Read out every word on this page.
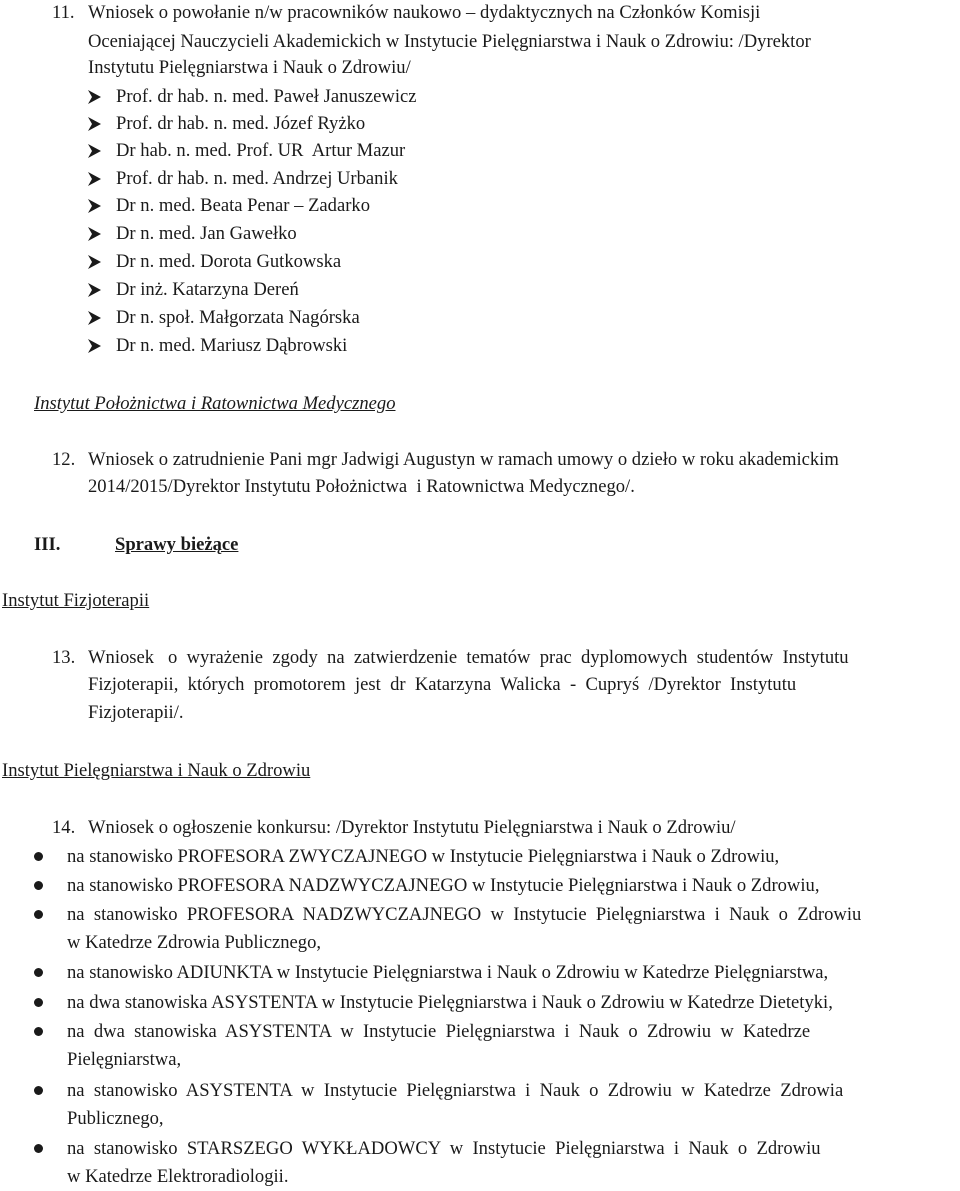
11. Wniosek o powołanie n/w pracowników naukowo – dydaktycznych na Członków Komisji
Oceniającej Nauczycieli Akademickich w Instytucie Pielęgniarstwa i Nauk o Zdrowiu: /Dyrektor
Instytutu Pielęgniarstwa i Nauk o Zdrowiu/
Prof. dr hab. n. med. Paweł Januszewicz
Prof. dr hab. n. med. Józef Ryżko
Dr hab. n. med. Prof. UR  Artur Mazur
Prof. dr hab. n. med. Andrzej Urbanik
Dr n. med. Beata Penar – Zadarko
Dr n. med. Jan Gawełko
Dr n. med. Dorota Gutkowska
Dr inż. Katarzyna Dereń
Dr n. społ. Małgorzata Nagórska
Dr n. med. Mariusz Dąbrowski
Instytut Położnictwa i Ratownictwa Medycznego
12. Wniosek o zatrudnienie Pani mgr Jadwigi Augustyn w ramach umowy o dzieło w roku akademickim
2014/2015/Dyrektor Instytutu Położnictwa  i Ratownictwa Medycznego/.
III.	Sprawy bieżące
Instytut Fizjoterapii
13. Wniosek   o  wyrażenie  zgody  na  zatwierdzenie  tematów  prac  dyplomowych  studentów  Instytutu
Fizjoterapii,  których  promotorem  jest  dr  Katarzyna  Walicka  -  Cupryś  /Dyrektor  Instytutu
Fizjoterapii/.
Instytut Pielęgniarstwa i Nauk o Zdrowiu
14. Wniosek o ogłoszenie konkursu: /Dyrektor Instytutu Pielęgniarstwa i Nauk o Zdrowiu/
na stanowisko PROFESORA ZWYCZAJNEGO w Instytucie Pielęgniarstwa i Nauk o Zdrowiu,
na stanowisko PROFESORA NADZWYCZAJNEGO w Instytucie Pielęgniarstwa i Nauk o Zdrowiu,
na  stanowisko  PROFESORA  NADZWYCZAJNEGO  w  Instytucie  Pielęgniarstwa  i  Nauk  o  Zdrowiu
w Katedrze Zdrowia Publicznego,
na stanowisko ADIUNKTA w Instytucie Pielęgniarstwa i Nauk o Zdrowiu w Katedrze Pielęgniarstwa,
na dwa stanowiska ASYSTENTA w Instytucie Pielęgniarstwa i Nauk o Zdrowiu w Katedrze Dietetyki,
na  dwa  stanowiska  ASYSTENTA  w  Instytucie  Pielęgniarstwa  i  Nauk  o  Zdrowiu  w  Katedrze
Pielęgniarstwa,
na  stanowisko  ASYSTENTA  w  Instytucie  Pielęgniarstwa  i  Nauk  o  Zdrowiu  w  Katedrze  Zdrowia
Publicznego,
na  stanowisko  STARSZEGO  WYKŁADOWCY  w  Instytucie  Pielęgniarstwa  i  Nauk  o  Zdrowiu
w Katedrze Elektroradiologii.
